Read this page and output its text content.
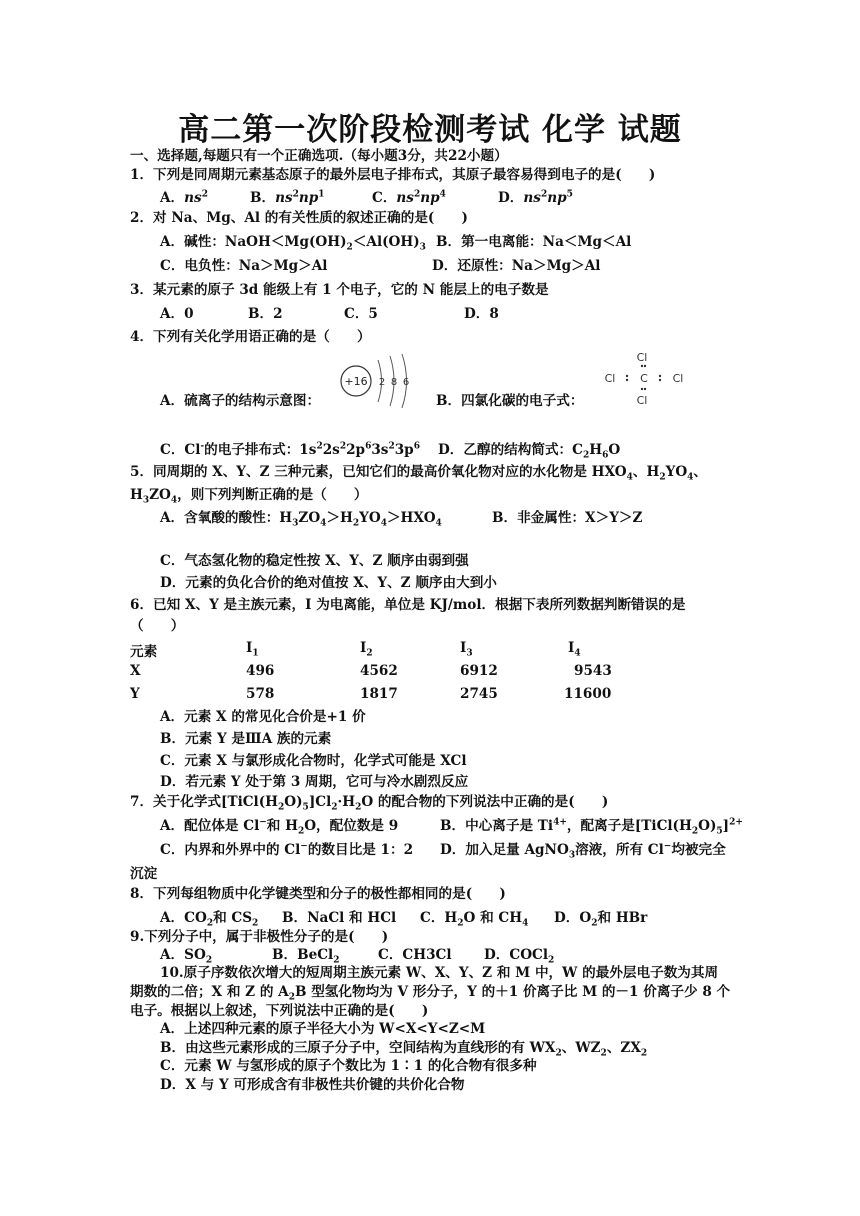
高二第一次阶段检测考试 化学 试题
一、选择题,每题只有一个正确选项.（每小题3分，共22小题）
1．下列是同周期元素基态原子的最外层电子排布式，其原子最容易得到电子的是(　　)
A．$ns^2$	B．$ns^2np^1$	C．$ns^2np^4$	D．$ns^2np^5$
2．对 Na、Mg、Al 的有关性质的叙述正确的是(　　)
A．碱性：$NaOH<Mg(OH)_2<Al(OH)_3$ B．第一电离能：Na＜Mg＜Al
C．电负性：Na＞Mg＞Al	D．还原性：Na＞Mg＞Al
3．某元素的原子 3d 能级上有 1 个电子，它的 N 能层上的电子数是
A．0	B．2	C．5	D．8
4．下列有关化学用语正确的是（　　）
A．硫离子的结构示意图：
+16 2 8 6
B．四氯化碳的电子式：
Cl
Cl C Cl
Cl
C．Cl-的电子排布式：$1s^22s^22p^63s^23p^6$ D．乙醇的结构简式：$C_2H_6O$
5．同周期的 X、Y、Z 三种元素，已知它们的最高价氧化物对应的水化物是 $HXO_4$、$H_2YO_4$、
$H_3ZO_4$，则下列判断正确的是（　　）
A．含氧酸的酸性：$H_3ZO_4>H_2YO_4>HXO_4$	B．非金属性：X＞Y＞Z
C．气态氢化物的稳定性按 X、Y、Z 顺序由弱到强
D．元素的负化合价的绝对值按 X、Y、Z 顺序由大到小
6．已知 X、Y 是主族元素，I 为电离能，单位是 KJ/mol．根据下表所列数据判断错误的是
（　　）
元素	$I_1$	$I_2$	$I_3$	$I_4$
X	496	4562	6912	9543
Y	578	1817	2745	11600
A．元素 X 的常见化合价是+1 价
B．元素 Y 是ⅢA 族的元素
C．元素 X 与氯形成化合物时，化学式可能是 XCl
D．若元素 Y 处于第 3 周期，它可与冷水剧烈反应
7．关于化学式$[TiCl(H_2O)_5]Cl_2\cdot H_2O$ 的配合物的下列说法中正确的是(　　)
A．配位体是 Cl−和 $H_2O$，配位数是 9	B．中心离子是 $Ti^{4+}$，配离子是$[TiCl(H_2O)_5]^{2+}$
C．内界和外界中的 Cl−的数目比是 1：2 D．加入足量 AgNO$_3$溶液，所有 Cl−均被完全
沉淀
8．下列每组物质中化学键类型和分子的极性都相同的是(　　)
A．$CO_2$和 $CS_2$ B．NaCl 和 HCl C．$H_2O$ 和 $CH_4$ D．$O_2$和 HBr
9.下列分子中，属于非极性分子的是(　　)
A．$SO_2$	B．BeCl$_2$	C．CH3Cl D．COCl$_2$
10.原子序数依次增大的短周期主族元素 W、X、Y、Z 和 M 中，W 的最外层电子数为其周
期数的二倍；X 和 Z 的 $A_2B$ 型氢化物均为 V 形分子，Y 的＋1 价离子比 M 的－1 价离子少 8 个
电子。根据以上叙述，下列说法中正确的是(　　)
A．上述四种元素的原子半径大小为 W<X<Y<Z<M
B．由这些元素形成的三原子分子中，空间结构为直线形的有 $WX_2$、$WZ_2$、$ZX_2$
C．元素 W 与氢形成的原子个数比为 1∶1 的化合物有很多种
D．X 与 Y 可形成含有非极性共价键的共价化合物
